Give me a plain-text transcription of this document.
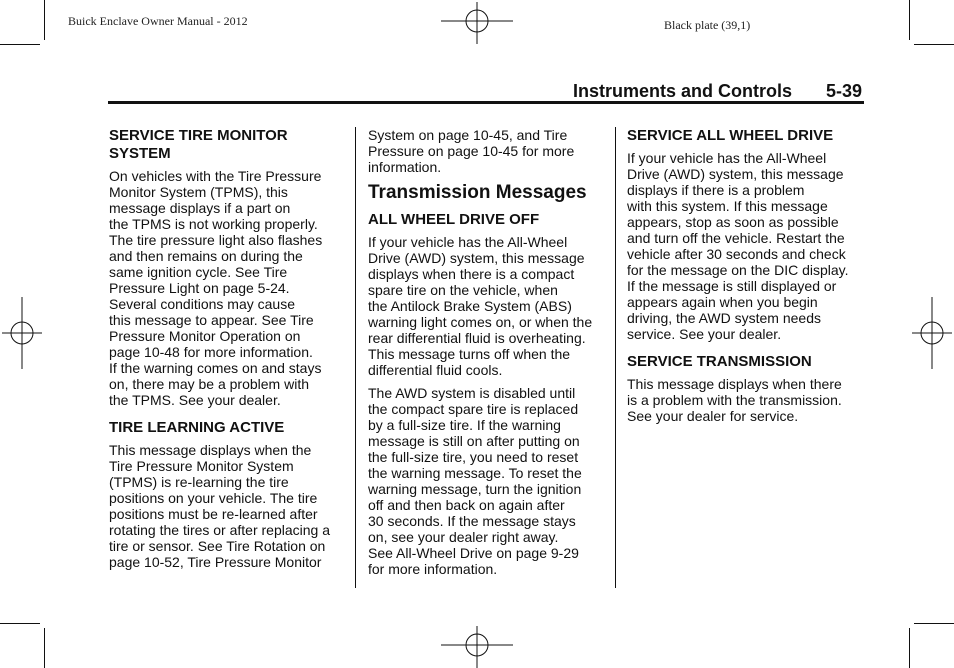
Buick Enclave Owner Manual - 2012	Black plate (39,1)
Instruments and Controls 5-39
SERVICE TIRE MONITOR SYSTEM

On vehicles with the Tire Pressure
Monitor System (TPMS), this
message displays if a part on
the TPMS is not working properly.
The tire pressure light also flashes
and then remains on during the
same ignition cycle. See Tire
Pressure Light on page 5-24.
Several conditions may cause
this message to appear. See Tire
Pressure Monitor Operation on
page 10-48 for more information.
If the warning comes on and stays
on, there may be a problem with
the TPMS. See your dealer.

TIRE LEARNING ACTIVE

This message displays when the
Tire Pressure Monitor System
(TPMS) is re-learning the tire
positions on your vehicle. The tire
positions must be re-learned after
rotating the tires or after replacing a
tire or sensor. See Tire Rotation on
page 10-52, Tire Pressure Monitor

System on page 10-45, and Tire
Pressure on page 10-45 for more
information.

Transmission Messages
ALL WHEEL DRIVE OFF

If your vehicle has the All-Wheel
Drive (AWD) system, this message
displays when there is a compact
spare tire on the vehicle, when
the Antilock Brake System (ABS)
warning light comes on, or when the
rear differential fluid is overheating.
This message turns off when the
differential fluid cools.

The AWD system is disabled until
the compact spare tire is replaced
by a full-size tire. If the warning
message is still on after putting on
the full-size tire, you need to reset
the warning message. To reset the
warning message, turn the ignition
off and then back on again after
30 seconds. If the message stays
on, see your dealer right away.
See All-Wheel Drive on page 9-29
for more information.

SERVICE ALL WHEEL DRIVE

If your vehicle has the All-Wheel
Drive (AWD) system, this message
displays if there is a problem
with this system. If this message
appears, stop as soon as possible
and turn off the vehicle. Restart the
vehicle after 30 seconds and check
for the message on the DIC display.
If the message is still displayed or
appears again when you begin
driving, the AWD system needs
service. See your dealer.

SERVICE TRANSMISSION

This message displays when there
is a problem with the transmission.
See your dealer for service.
